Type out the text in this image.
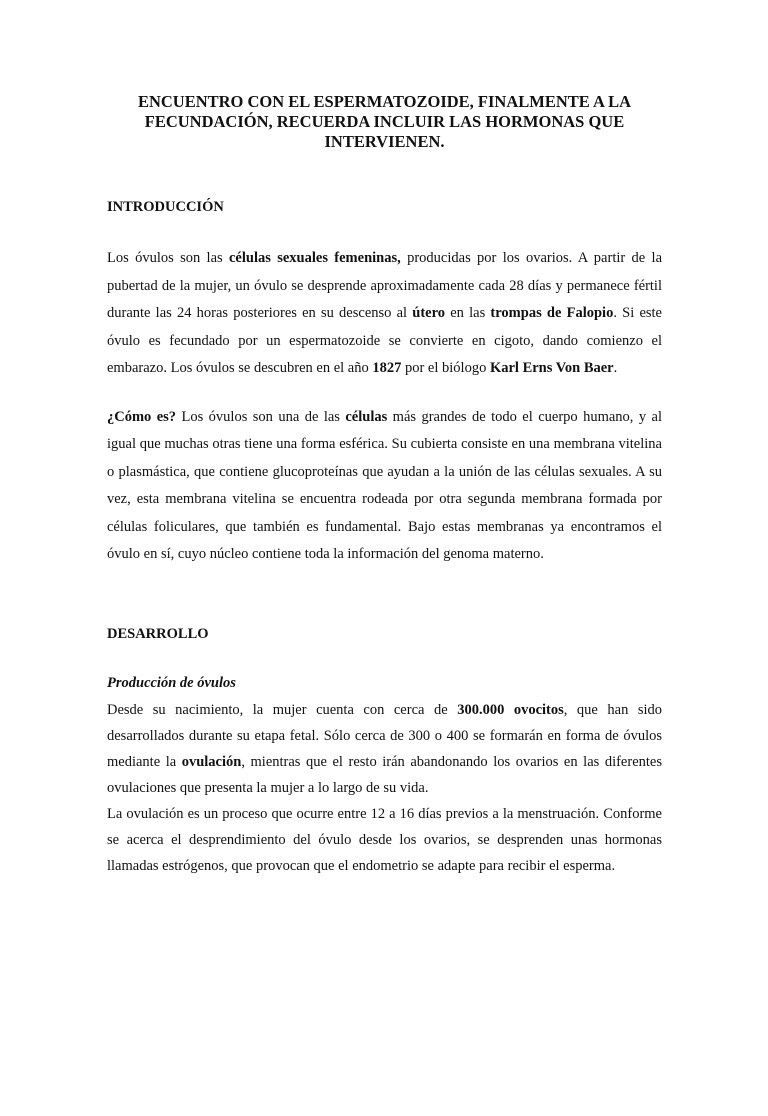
ENCUENTRO CON EL ESPERMATOZOIDE, FINALMENTE A LA FECUNDACIÓN, RECUERDA INCLUIR LAS HORMONAS QUE INTERVIENEN.
INTRODUCCIÓN

Los óvulos son las células sexuales femeninas, producidas por los ovarios. A partir de la pubertad de la mujer, un óvulo se desprende aproximadamente cada 28 días y permanece fértil durante las 24 horas posteriores en su descenso al útero en las trompas de Falopio. Si este óvulo es fecundado por un espermatozoide se convierte en cigoto, dando comienzo el embarazo. Los óvulos se descubren en el año 1827 por el biólogo Karl Erns Von Baer.

¿Cómo es? Los óvulos son una de las células más grandes de todo el cuerpo humano, y al igual que muchas otras tiene una forma esférica. Su cubierta consiste en una membrana vitelina o plasmástica, que contiene glucoproteínas que ayudan a la unión de las células sexuales. A su vez, esta membrana vitelina se encuentra rodeada por otra segunda membrana formada por células foliculares, que también es fundamental. Bajo estas membranas ya encontramos el óvulo en sí, cuyo núcleo contiene toda la información del genoma materno.

DESARROLLO
Producción de óvulos

Desde su nacimiento, la mujer cuenta con cerca de 300.000 ovocitos, que han sido desarrollados durante su etapa fetal. Sólo cerca de 300 o 400 se formarán en forma de óvulos mediante la ovulación, mientras que el resto irán abandonando los ovarios en las diferentes ovulaciones que presenta la mujer a lo largo de su vida.

La ovulación es un proceso que ocurre entre 12 a 16 días previos a la menstruación. Conforme se acerca el desprendimiento del óvulo desde los ovarios, se desprenden unas hormonas llamadas estrógenos, que provocan que el endometrio se adapte para recibir el esperma.
